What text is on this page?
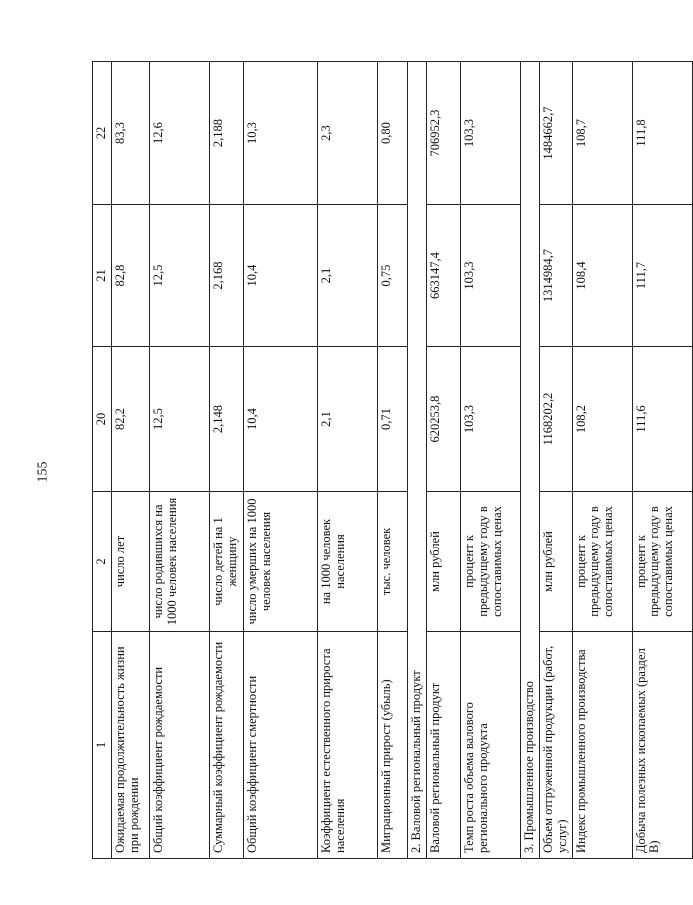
155
1	2	20	21	22
Ожидаемая продолжительность жизни при рождении	число лет	82,2	82,8	83,3
Общий коэффициент рождаемости	число родившихся на 1000 человек населения	12,5	12,5	12,6
Суммарный коэффициент рождаемости	число детей на 1 женщину	2,148	2,168	2,188
Общий коэффициент смертности	число умерших на 1000 человек населения	10,4	10,4	10,3
Коэффициент естественного прироста населения	на 1000 человек населения	2,1	2,1	2,3
Миграционный прирост (убыль)	тыс. человек	0,71	0,75	0,80
2. Валовой региональный продукт				
Валовой региональный продукт	млн рублей	620253,8	663147,4	706952,3
Темп роста объема валового регионального продукта	процент к предыдущему году в сопоставимых ценах	103,3	103,3	103,3
3. Промышленное производство				
Объем отгруженной продукции (работ, услуг)	млн рублей	1168202,2	1314984,7	1484662,7
Индекс промышленного производства	процент к предыдущему году в сопоставимых ценах	108,2	108,4	108,7
Добыча полезных ископаемых (раздел B)	процент к предыдущему году в сопоставимых ценах	111,6	111,7	111,8
